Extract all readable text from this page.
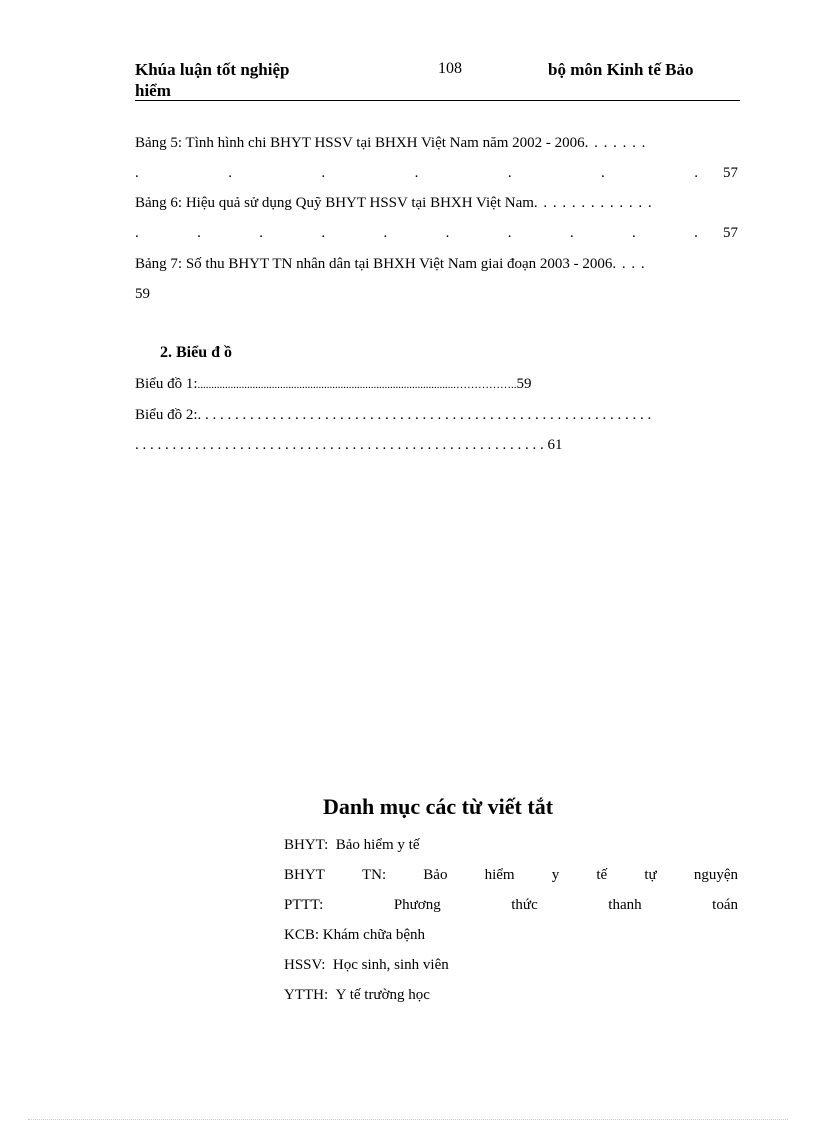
Khúa luận tốt nghiệp
hiểm
108	bộ môn Kinh tế Bảo
Bảng 5: Tình hình chi BHYT HSSV tại BHXH Việt Nam năm 2002 - 2006. . . . . . .
.	.	.	.	.	.	. 57
Bảng 6: Hiệu quả sử dụng Quỹ BHYT HSSV tại BHXH Việt Nam. . . . . . . . . . . . .
.	.	.	.	.	.	.	.	.	. 57
Bảng 7: Số thu BHYT TN nhân dân tại BHXH Việt Nam giai đoạn 2003 - 2006. . . .
59
2. Biểu đ ồ
Biểu đồ 1:..............................................................................................……………..59
Biểu đồ 2:. . . . . . . . . . . . . . . . . . . . . . . . . . . . . . . . . . . . . . . . . . . . . . . . . . . . . . . . . . . . .
. . . . . . . . . . . . . . . . . . . . . . . . . . . . . . . . . . . . . . . . . . . . . . . . . . . . . . . 61
Danh mục các từ viết tắt
BHYT: Bảo hiểm y tế
BHYT TN: Bảo hiểm y tế tự nguyện
PTTT:	Phương	thức	thanh	toán
KCB: Khám chữa bệnh
HSSV: Học sinh, sinh viên
YTTH: Y tế trường học
